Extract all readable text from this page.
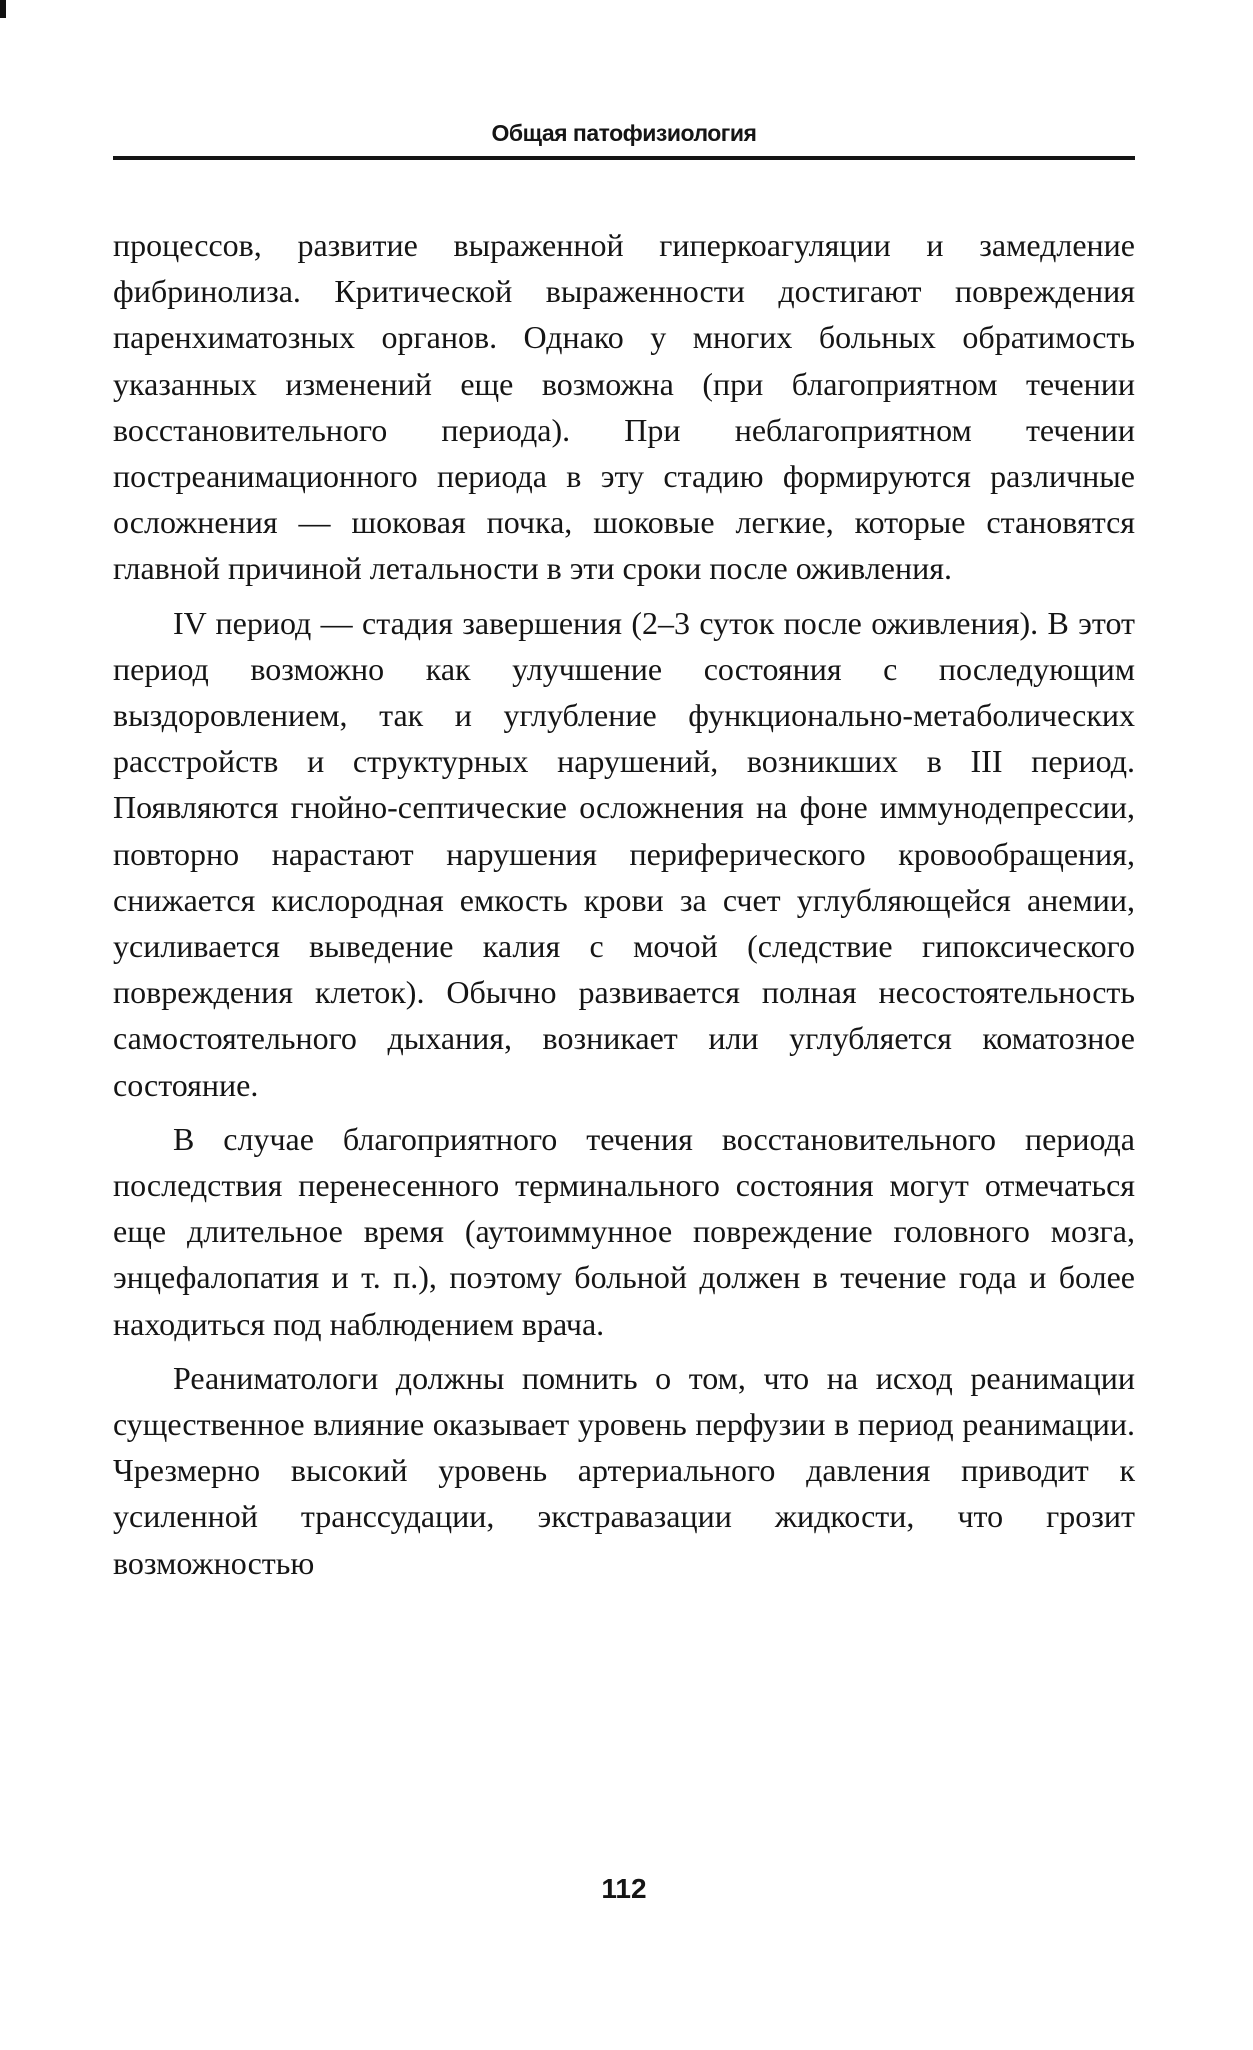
Общая патофизиология

процессов, развитие выраженной гиперкоагуляции и замедление фибринолиза. Критической выраженности достигают повреждения паренхиматозных органов. Однако у многих больных обратимость указанных изменений еще возможна (при благоприятном течении восстановительного периода). При неблагоприятном течении постреанимационного периода в эту стадию формируются различные осложнения — шоковая почка, шоковые легкие, которые становятся главной причиной летальности в эти сроки после оживления.

IV период — стадия завершения (2–3 суток после оживления). В этот период возможно как улучшение состояния с последующим выздоровлением, так и углубление функционально-метаболических расстройств и структурных нарушений, возникших в III период. Появляются гнойно-септические осложнения на фоне иммунодепрессии, повторно нарастают нарушения периферического кровообращения, снижается кислородная емкость крови за счет углубляющейся анемии, усиливается выведение калия с мочой (следствие гипоксического повреждения клеток). Обычно развивается полная несостоятельность самостоятельного дыхания, возникает или углубляется коматозное состояние.

В случае благоприятного течения восстановительного периода последствия перенесенного терминального состояния могут отмечаться еще длительное время (аутоиммунное повреждение головного мозга, энцефалопатия и т. п.), поэтому больной должен в течение года и более находиться под наблюдением врача.

Реаниматологи должны помнить о том, что на исход реанимации существенное влияние оказывает уровень перфузии в период реанимации. Чрезмерно высокий уровень артериального давления приводит к усиленной транссудации, экстравазации жидкости, что грозит возможностью

112
